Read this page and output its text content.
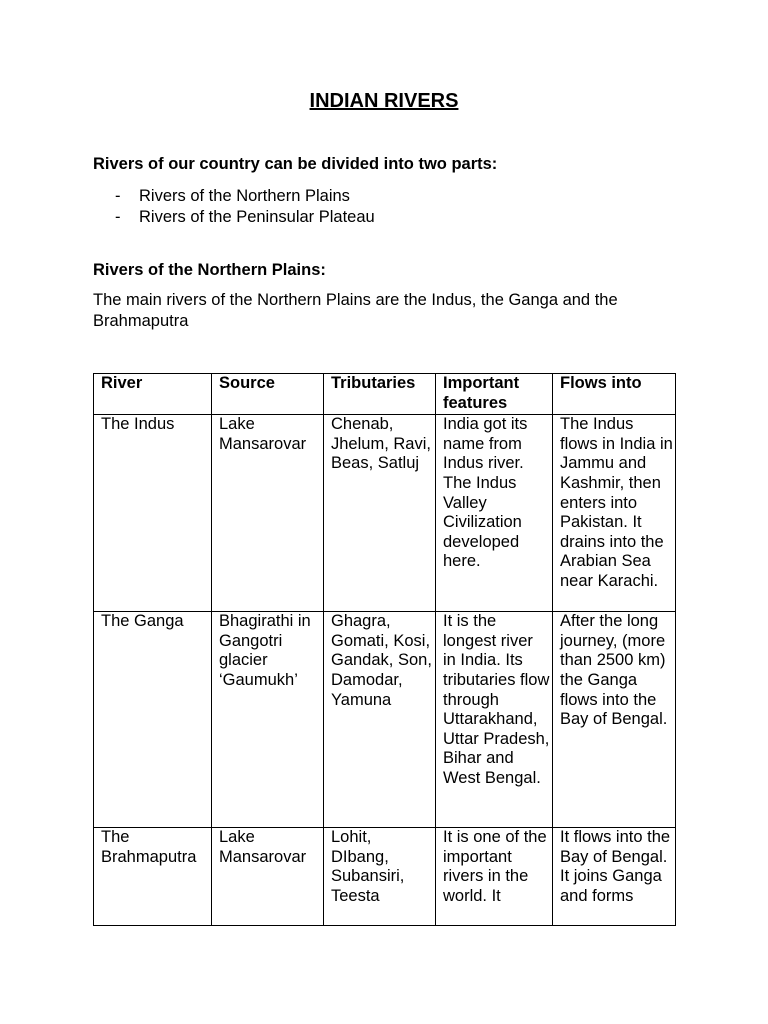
INDIAN RIVERS
Rivers of our country can be divided into two parts:
- Rivers of the Northern Plains
- Rivers of the Peninsular Plateau
Rivers of the Northern Plains:
The main rivers of the Northern Plains are the Indus, the Ganga and the Brahmaputra
River	Source	Tributaries	Important features	Flows into
The Indus	Lake Mansarovar	Chenab, Jhelum, Ravi, Beas, Satluj	India got its name from Indus river. The Indus Valley Civilization developed here.	The Indus flows in India in Jammu and Kashmir, then enters into Pakistan. It drains into the Arabian Sea near Karachi.
The Ganga	Bhagirathi in Gangotri glacier ‘Gaumukh’	Ghagra, Gomati, Kosi, Gandak, Son, Damodar, Yamuna	It is the longest river in India. Its tributaries flow through Uttarakhand, Uttar Pradesh, Bihar and West Bengal.	After the long journey, (more than 2500 km) the Ganga flows into the Bay of Bengal.

The Brahmaputra	Lake Mansarovar	Lohit, DIbang, Subansiri, Teesta	It is one of the important rivers in the world. It	It flows into the Bay of Bengal. It joins Ganga and forms
